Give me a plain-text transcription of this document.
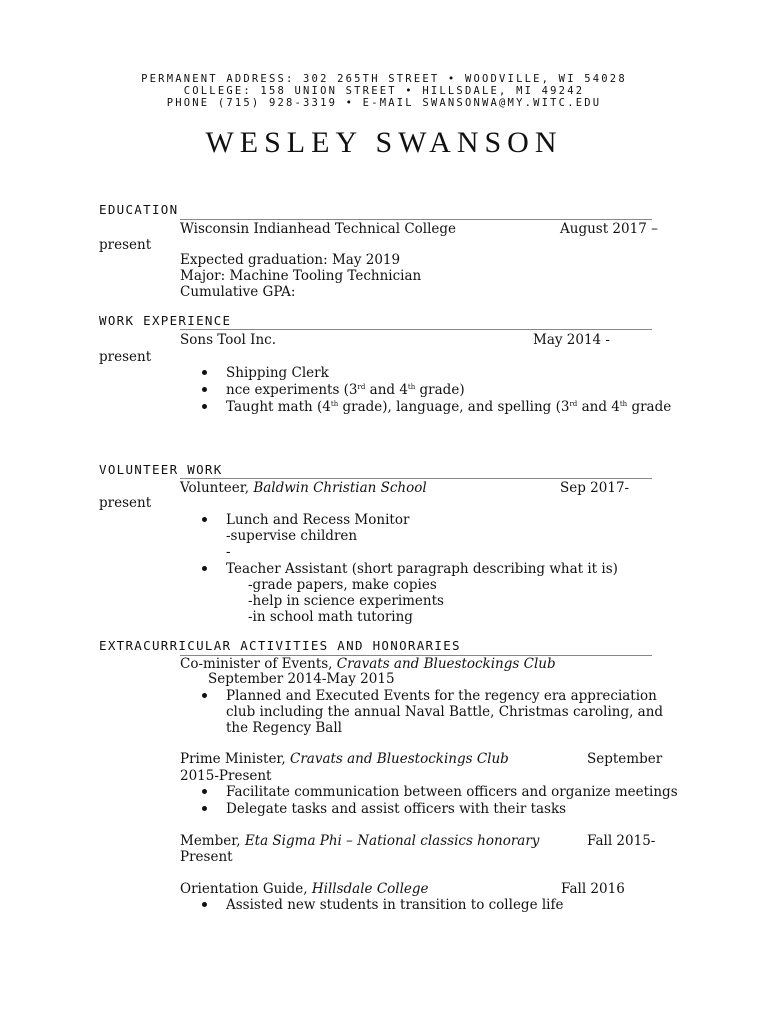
PERMANENT ADDRESS: 302 265TH STREET • WOODVILLE, WI 54028
COLLEGE: 158 UNION STREET • HILLSDALE, MI 49242
PHONE (715) 928-3319 • E-MAIL SWANSONWA@MY.WITC.EDU
WESLEY SWANSON
EDUCATION
Wisconsin Indianhead Technical College	August 2017 –
present
Expected graduation: May 2019
Major: Machine Tooling Technician
Cumulative GPA:
WORK EXPERIENCE
Sons Tool Inc.	May 2014 -
present
Shipping Clerk
nce experiments (3rd and 4th grade)
Taught math (4th grade), language, and spelling (3rd and 4th grade
VOLUNTEER WORK
Volunteer, Baldwin Christian School	Sep 2017-
present
Lunch and Recess Monitor
-supervise children
-
Teacher Assistant (short paragraph describing what it is)
-grade papers, make copies
-help in science experiments
-in school math tutoring
EXTRACURRICULAR ACTIVITIES AND HONORARIES
Co-minister of Events, Cravats and Bluestockings Club
September 2014-May 2015
Planned and Executed Events for the regency era appreciation
club including the annual Naval Battle, Christmas caroling, and
the Regency Ball
Prime Minister, Cravats and Bluestockings Club	September
2015-Present
Facilitate communication between officers and organize meetings
Delegate tasks and assist officers with their tasks
Member, Eta Sigma Phi – National classics honorary	Fall 2015-
Present
Orientation Guide, Hillsdale College	Fall 2016
Assisted new students in transition to college life
